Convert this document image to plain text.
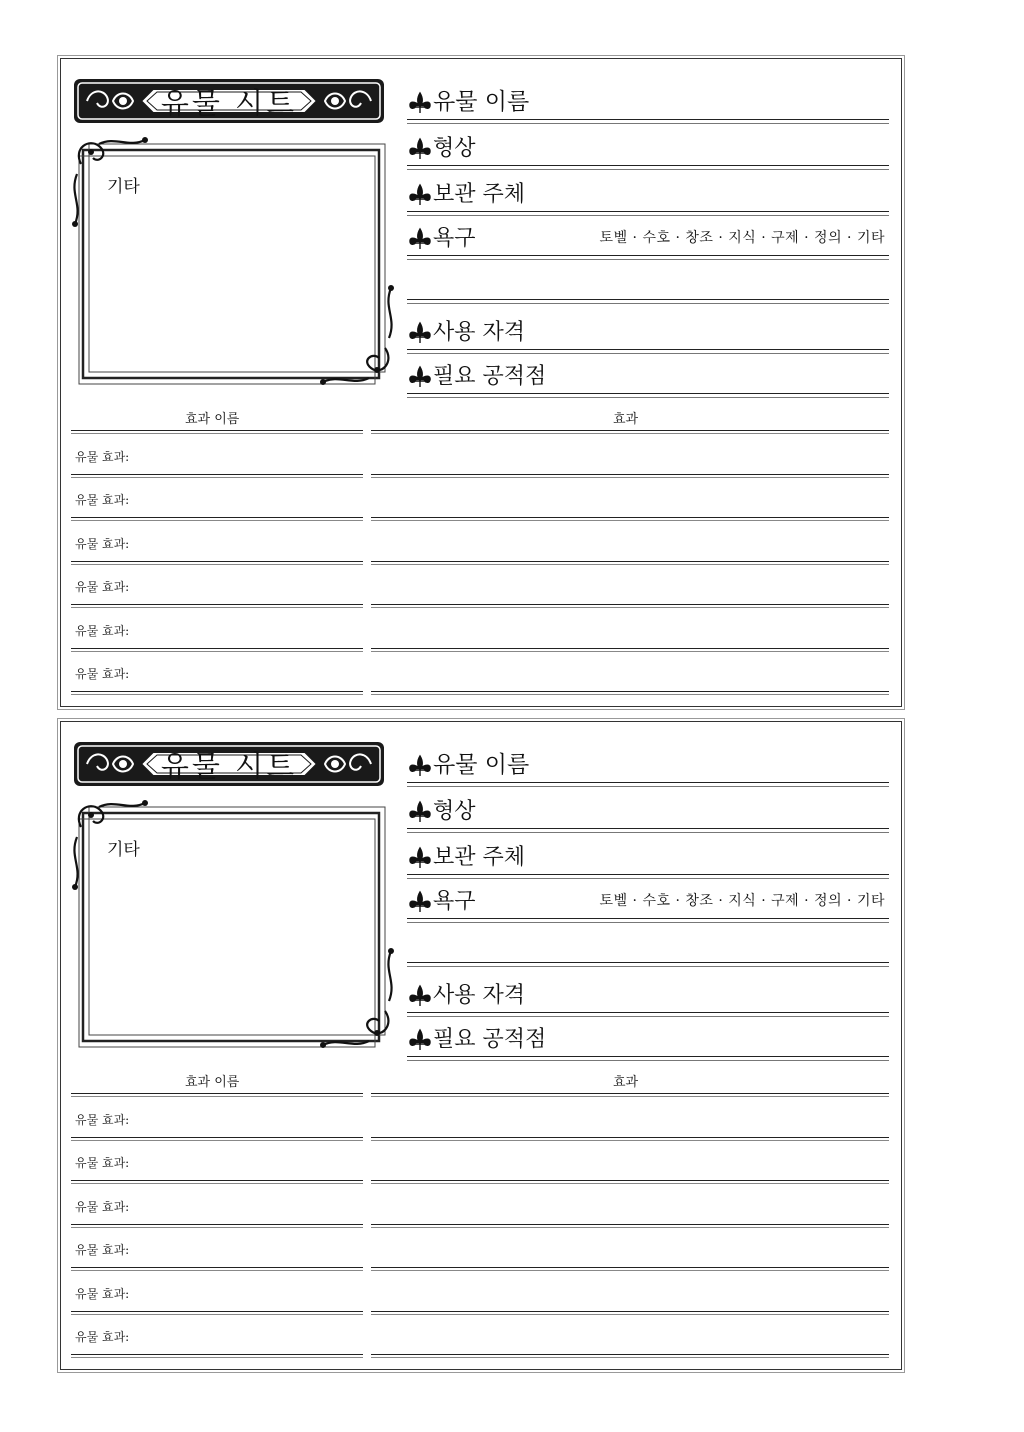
유물 시트
기타
유물 이름
형상
보관 주체
욕구	토벨 · 수호 · 창조 · 지식 · 구제 · 정의 · 기타
사용 자격
필요 공적점
효과 이름	효과
유물 효과:
유물 효과:
유물 효과:
유물 효과:
유물 효과:
유물 효과:
유물 시트
기타
유물 이름
형상
보관 주체
욕구	토벨 · 수호 · 창조 · 지식 · 구제 · 정의 · 기타
사용 자격
필요 공적점
효과 이름	효과
유물 효과:
유물 효과:
유물 효과:
유물 효과:
유물 효과:
유물 효과:
